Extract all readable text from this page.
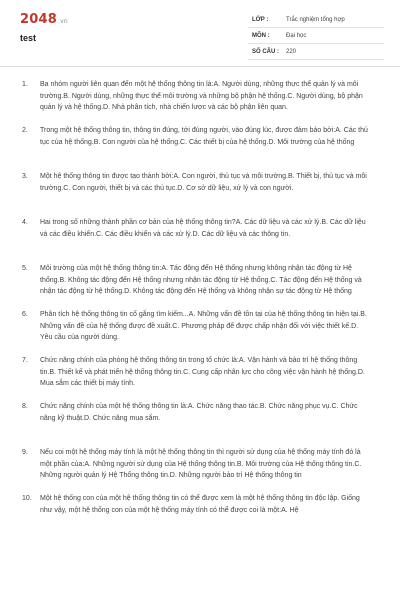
2048.vn
test
LỚP :	Trắc nghiệm tổng hợp
MÔN :	Đại học
SỐ CÂU :	220
1.	Ba nhóm người liên quan đến một hệ thống thông tin là:A. Người dùng, những thực thể quản lý và môi trường.B. Người dùng, những thực thể môi trường và những bộ phận hệ thống.C. Người dùng, bộ phận quản lý và hệ thống.D. Nhà phân tích, nhà chiến lược và các bộ phận liên quan.
2.	Trong một hệ thống thông tin, thông tin đúng, tới đúng người, vào đúng lúc, được đảm bảo bởi:A. Các thủ tục của hệ thống.B. Con người của hệ thống.C. Các thiết bị của hệ thống.D. Môi trường của hệ thống
3.	Một hệ thống thông tin được tạo thành bởi:A. Con người, thủ tục và môi trường.B. Thiết bị, thủ tục và môi trường.C. Con người, thiết bị và các thủ tục.D. Cơ sở dữ liệu, xử lý và con người.
4.	Hai trong số những thành phần cơ bản của hệ thống thông tin?A. Các dữ liệu và các xử lý.B. Các dữ liệu và các điều khiển.C. Các điều khiển và các xử lý.D. Các dữ liệu và các thông tin.
5.	Môi trường của một hệ thống thông tin:A. Tác động đến Hệ thống nhưng không nhận tác động từ Hệ thống.B. Không tác động đến Hệ thống nhưng nhận tác động từ Hệ thống.C. Tác động đến Hệ thống và nhận tác động từ hệ thống.D. Không tác động đến Hệ thống và không nhận sự tác động từ Hệ thống
6.	Phân tích hệ thống thông tin cố gắng tìm kiếm...A. Những vấn đề tồn tại của hệ thống thông tin hiện tại.B. Những vấn đề của hệ thống được đề xuất.C. Phương pháp để được chấp nhận đối với việc thiết kế.D. Yêu cầu của người dùng.
7.	Chức năng chính của phòng hệ thống thông tin trong tổ chức là:A. Vận hành và bảo trì hệ thống thông tin.B. Thiết kế và phát triển hệ thống thông tin.C. Cung cấp nhân lực cho công việc vận hành hệ thống.D. Mua sắm các thiết bị máy tính.
8.	Chức năng chính của một hệ thống thông tin là:A. Chức năng thao tác.B. Chức năng phục vụ.C. Chức năng kỹ thuật.D. Chức năng mua sắm.
9.	Nếu coi một hệ thống máy tính là một hệ thống thông tin thì người sử dụng của hệ thống máy tính đó là một phần của:A. Những người sử dụng của Hệ thống thông tin.B. Môi trường của Hệ thống thông tin.C. Những người quản lý Hệ Thống thông tin.D. Những người bảo trì Hệ thống thông tin
10.	Một hệ thống con của một hệ thống thông tin có thể được xem là một hệ thống thông tin độc lập. Giống như vậy, một hệ thống con của một hệ thống máy tính có thể được coi là một:A. Hệ
